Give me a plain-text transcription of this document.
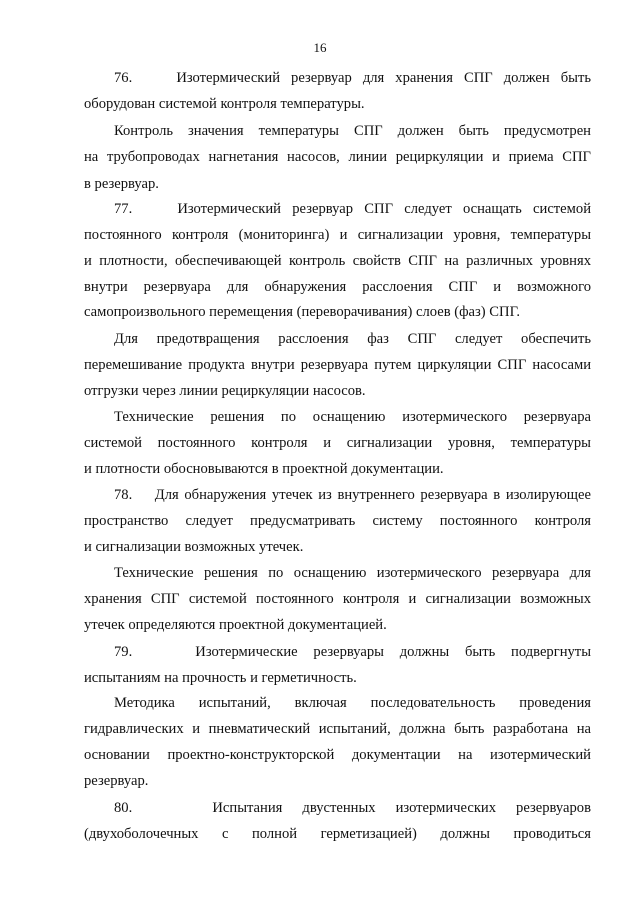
16
76.    Изотермический резервуар для хранения СПГ должен быть
оборудован системой контроля температуры.
Контроль значения температуры СПГ должен быть предусмотрен
на трубопроводах нагнетания насосов, линии рециркуляции и приема СПГ
в резервуар.
77.    Изотермический резервуар СПГ следует оснащать системой
постоянного контроля (мониторинга) и сигнализации уровня, температуры
и плотности, обеспечивающей контроль свойств СПГ на различных уровнях
внутри резервуара для обнаружения расслоения СПГ и возможного
самопроизвольного перемещения (переворачивания) слоев (фаз) СПГ.
Для предотвращения расслоения фаз СПГ следует обеспечить
перемешивание продукта внутри резервуара путем циркуляции СПГ насосами
отгрузки через линии рециркуляции насосов.
Технические решения по оснащению изотермического резервуара
системой постоянного контроля и сигнализации уровня, температуры
и плотности обосновываются в проектной документации.
78.    Для обнаружения утечек из внутреннего резервуара в изолирующее
пространство следует предусматривать систему постоянного контроля
и сигнализации возможных утечек.
Технические решения по оснащению изотермического резервуара для
хранения СПГ системой постоянного контроля и сигнализации возможных
утечек определяются проектной документацией.
79.    Изотермические резервуары должны быть подвергнуты
испытаниям на прочность и герметичность.
Методика испытаний, включая последовательность проведения
гидравлических и пневматический испытаний, должна быть разработана на
основании проектно-конструкторской документации на изотермический
резервуар.
80.    Испытания двустенных изотермических резервуаров
(двухоболочечных с полной герметизацией) должны проводиться
